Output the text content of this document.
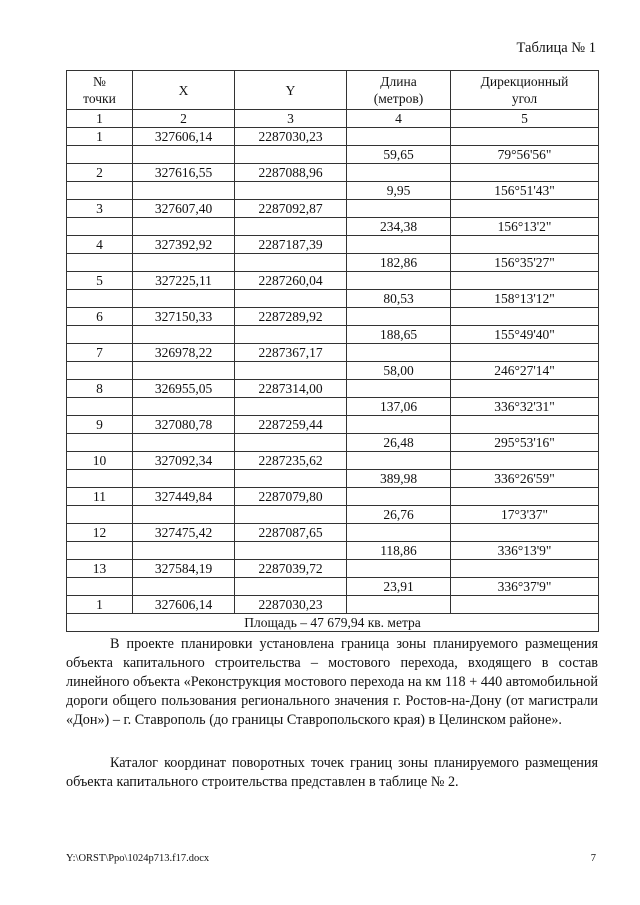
Таблица № 1
№
точки	X	Y	Длина
(метров)	Дирекционный
угол
1	2	3	4	5
1	327606,14	2287030,23		
			59,65	79°56'56"
2	327616,55	2287088,96		
			9,95	156°51'43"
3	327607,40	2287092,87		
			234,38	156°13'2"
4	327392,92	2287187,39		
			182,86	156°35'27"
5	327225,11	2287260,04		
			80,53	158°13'12"
6	327150,33	2287289,92		
			188,65	155°49'40"
7	326978,22	2287367,17		
			58,00	246°27'14"
8	326955,05	2287314,00		
			137,06	336°32'31"
9	327080,78	2287259,44		
			26,48	295°53'16"
10	327092,34	2287235,62		
			389,98	336°26'59"
11	327449,84	2287079,80		
			26,76	17°3'37"
12	327475,42	2287087,65		
			118,86	336°13'9"
13	327584,19	2287039,72		
			23,91	336°37'9"
1	327606,14	2287030,23		
Площадь – 47 679,94 кв. метра				

В проекте планировки установлена граница зоны планируемого размещения объекта капитального строительства – мостового перехода, входящего в состав линейного объекта «Реконструкция мостового перехода на км 118 + 440 автомобильной дороги общего пользования регионального значения г. Ростов-на-Дону (от магистрали «Дон») – г. Ставрополь (до границы Ставропольского края) в Целинском районе».

Каталог координат поворотных точек границ зоны планируемого размещения объекта капитального строительства представлен в таблице № 2.

Y:\ORST\Ppo\1024p713.f17.docx	7
